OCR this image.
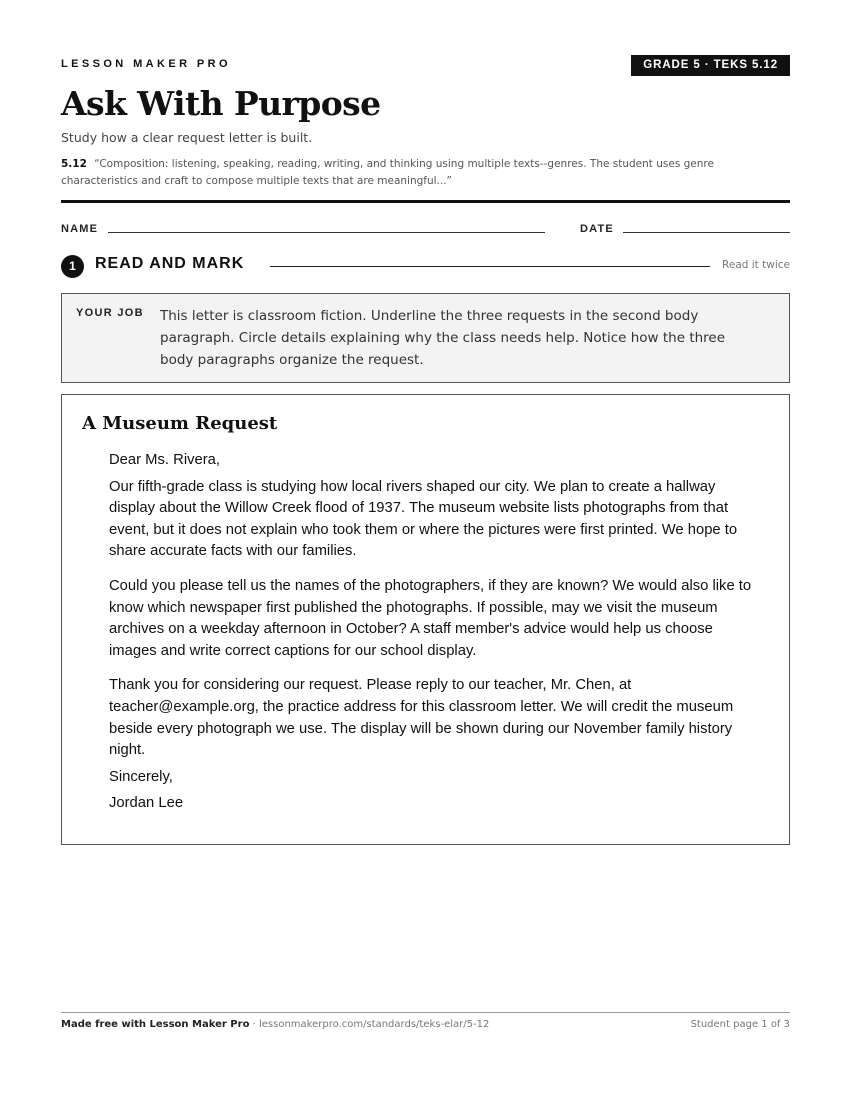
LESSON MAKER PRO	GRADE 5 · TEKS 5.12
Ask With Purpose
Study how a clear request letter is built.
5.12 “Composition: listening, speaking, reading, writing, and thinking using multiple texts--genres. The student uses genre characteristics and craft to compose multiple texts that are meaningful...”
NAME	DATE
1	READ AND MARK	Read it twice
YOUR JOB This letter is classroom fiction. Underline the three requests in the second body paragraph. Circle details explaining why the class needs help. Notice how the three body paragraphs organize the request.
A Museum Request

Dear Ms. Rivera,

Our fifth-grade class is studying how local rivers shaped our city. We plan to create a hallway display about the Willow Creek flood of 1937. The museum website lists photographs from that event, but it does not explain who took them or where the pictures were first printed. We hope to share accurate facts with our families.

Could you please tell us the names of the photographers, if they are known? We would also like to know which newspaper first published the photographs. If possible, may we visit the museum archives on a weekday afternoon in October? A staff member's advice would help us choose images and write correct captions for our school display.

Thank you for considering our request. Please reply to our teacher, Mr. Chen, at teacher@example.org, the practice address for this classroom letter. We will credit the museum beside every photograph we use. The display will be shown during our November family history night.

Sincerely,

Jordan Lee

Made free with Lesson Maker Pro · lessonmakerpro.com/standards/teks-elar/5-12	Student page 1 of 3
